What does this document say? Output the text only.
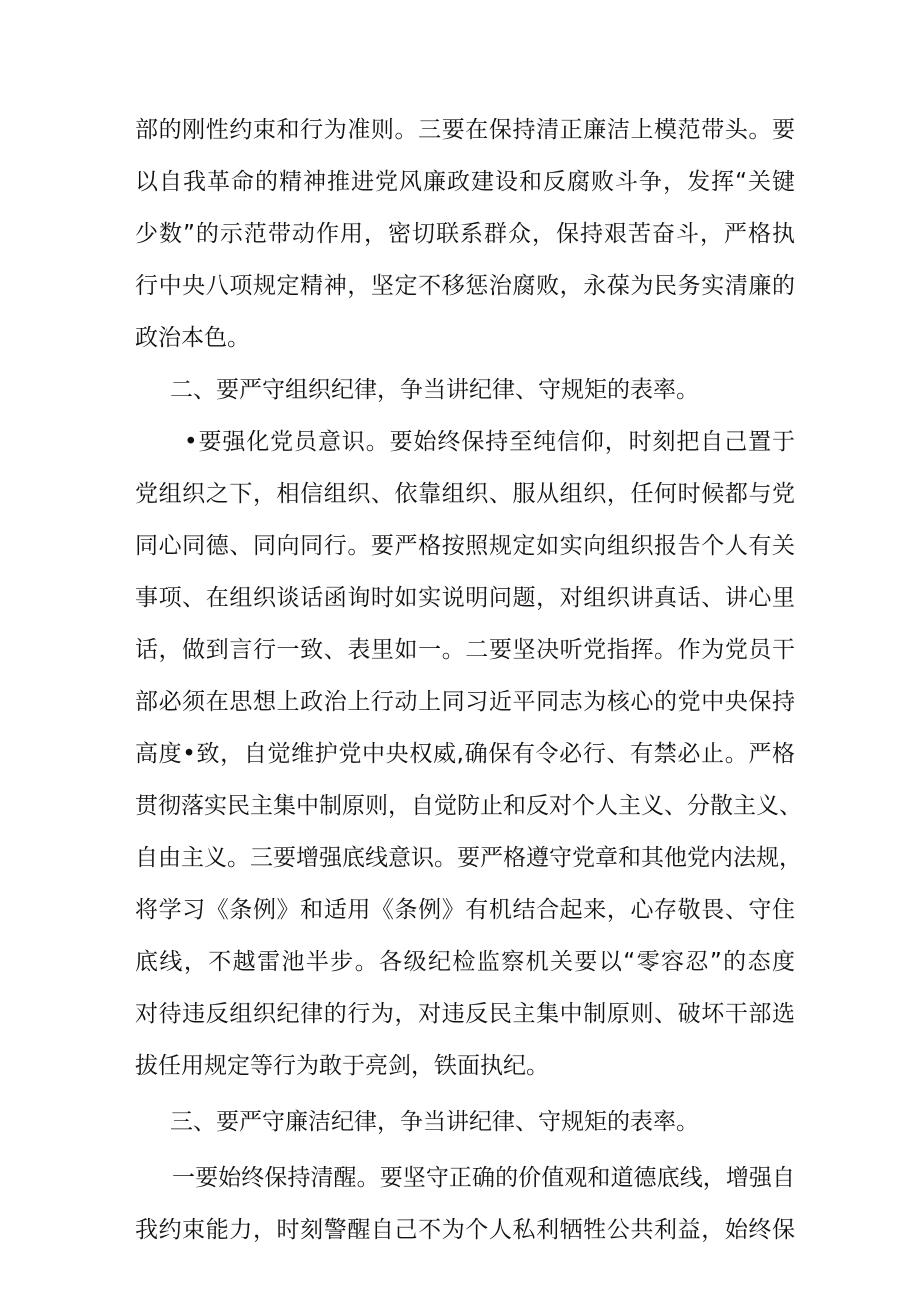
部的刚性约束和行为准则。三要在保持清正廉洁上模范带头。要
以自我革命的精神推进党风廉政建设和反腐败斗争，发挥“关键
少数”的示范带动作用，密切联系群众，保持艰苦奋斗，严格执
行中央八项规定精神，坚定不移惩治腐败，永葆为民务实清廉的
政治本色。
二、要严守组织纪律，争当讲纪律、守规矩的表率。
•要强化党员意识。要始终保持至纯信仰，时刻把自己置于
党组织之下，相信组织、依靠组织、服从组织，任何时候都与党
同心同德、同向同行。要严格按照规定如实向组织报告个人有关
事项、在组织谈话函询时如实说明问题，对组织讲真话、讲心里
话，做到言行一致、表里如一。二要坚决听党指挥。作为党员干
部必须在思想上政治上行动上同习近平同志为核心的党中央保持
高度•致，自觉维护党中央权威,确保有令必行、有禁必止。严格
贯彻落实民主集中制原则，自觉防止和反对个人主义、分散主义、
自由主义。三要增强底线意识。要严格遵守党章和其他党内法规，
将学习《条例》和适用《条例》有机结合起来，心存敬畏、守住
底线，不越雷池半步。各级纪检监察机关要以“零容忍”的态度
对待违反组织纪律的行为，对违反民主集中制原则、破坏干部选
拔任用规定等行为敢于亮剑，铁面执纪。
三、要严守廉洁纪律，争当讲纪律、守规矩的表率。
一要始终保持清醒。要坚守正确的价值观和道德底线，增强自
我约束能力，时刻警醒自己不为个人私利牺牲公共利益，始终保
